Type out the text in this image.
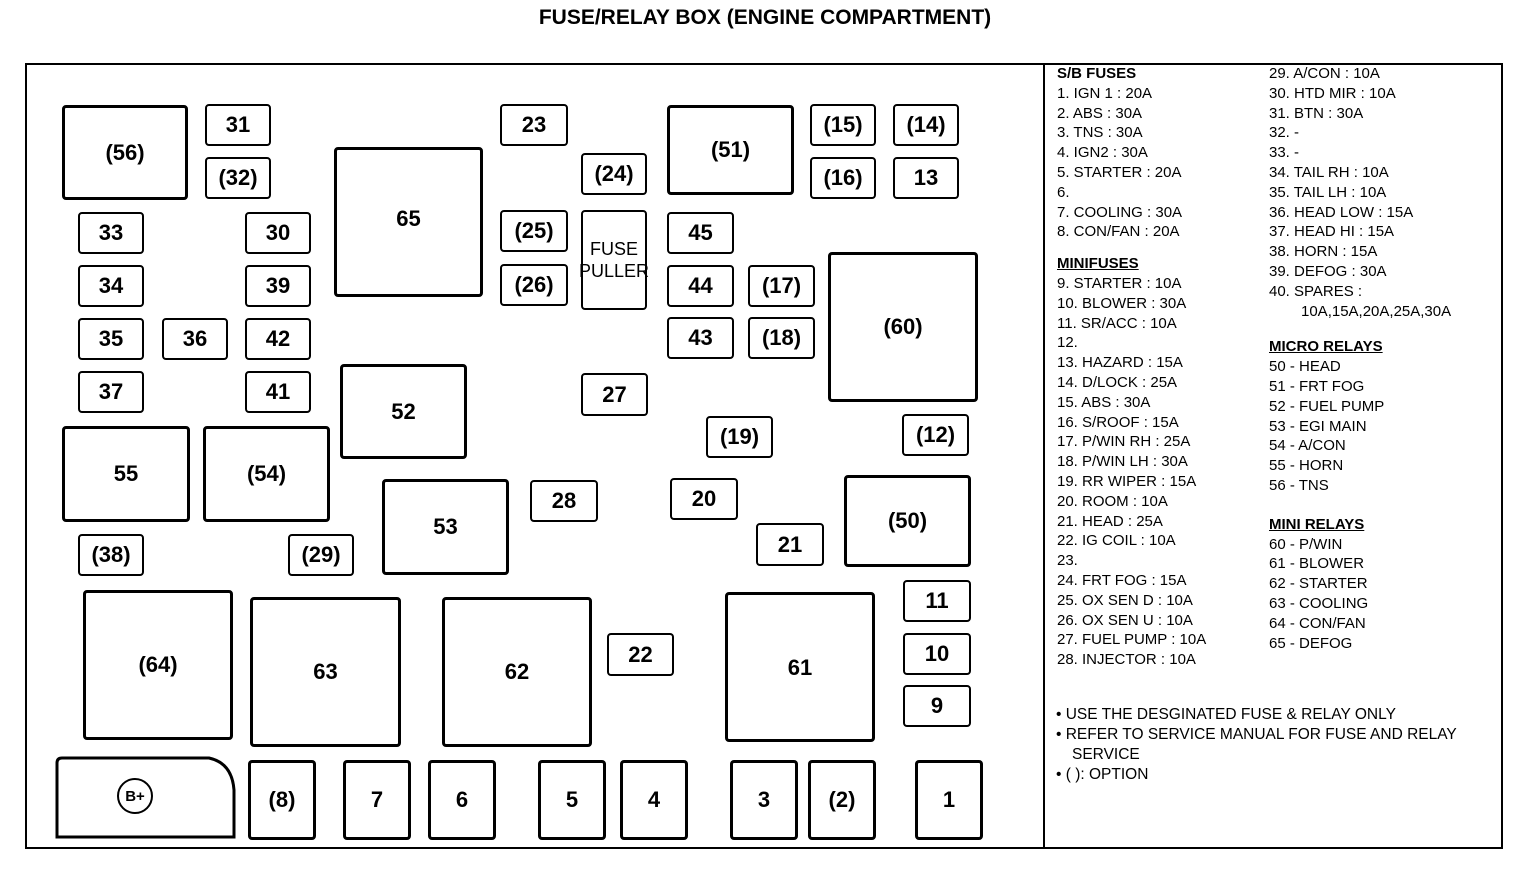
FUSE/RELAY BOX (ENGINE COMPARTMENT)
(56)
31
(32)
23
(51)
(15)	(14)
(16)	13
65
(24)
33	30	(25)
FUSE
PULLER
45
34	39	(26)	44	(17)
(60)
35	36	42	43	(18)
37	41
52
27
(19)	(12)
55	(54)
28	20
53	(50)
21
(38)	(29)
11
(64)	63	62
22
61
10
9
B+	(8)	7	6	5	4	3	(2)	1
S/B FUSES
1. IGN 1 : 20A
2. ABS : 30A
3. TNS : 30A
4. IGN2 : 30A
5. STARTER : 20A
6.
7. COOLING : 30A
8. CON/FAN : 20A
MINIFUSES
9. STARTER : 10A
10. BLOWER : 30A
11. SR/ACC : 10A
12.
13. HAZARD : 15A
14. D/LOCK : 25A
15. ABS : 30A
16. S/ROOF : 15A
17. P/WIN RH : 25A
18. P/WIN LH : 30A
19. RR WIPER : 15A
20. ROOM : 10A
21. HEAD : 25A
22. IG COIL : 10A
23.
24. FRT FOG : 15A
25. OX SEN D : 10A
26. OX SEN U : 10A
27. FUEL PUMP : 10A
28. INJECTOR : 10A
29. A/CON : 10A
30. HTD MIR : 10A
31. BTN : 30A
32. -
33. -
34. TAIL RH : 10A
35. TAIL LH : 10A
36. HEAD LOW : 15A
37. HEAD HI : 15A
38. HORN : 15A
39. DEFOG : 30A
40. SPARES :
10A,15A,20A,25A,30A
MICRO RELAYS
50 - HEAD
51 - FRT FOG
52 - FUEL PUMP
53 - EGI MAIN
54 - A/CON
55 - HORN
56 - TNS
MINI RELAYS
60 - P/WIN
61 - BLOWER
62 - STARTER
63 - COOLING
64 - CON/FAN
65 - DEFOG
• USE THE DESGINATED FUSE & RELAY ONLY
• REFER TO SERVICE MANUAL FOR FUSE AND RELAY SERVICE
• ( ): OPTION
